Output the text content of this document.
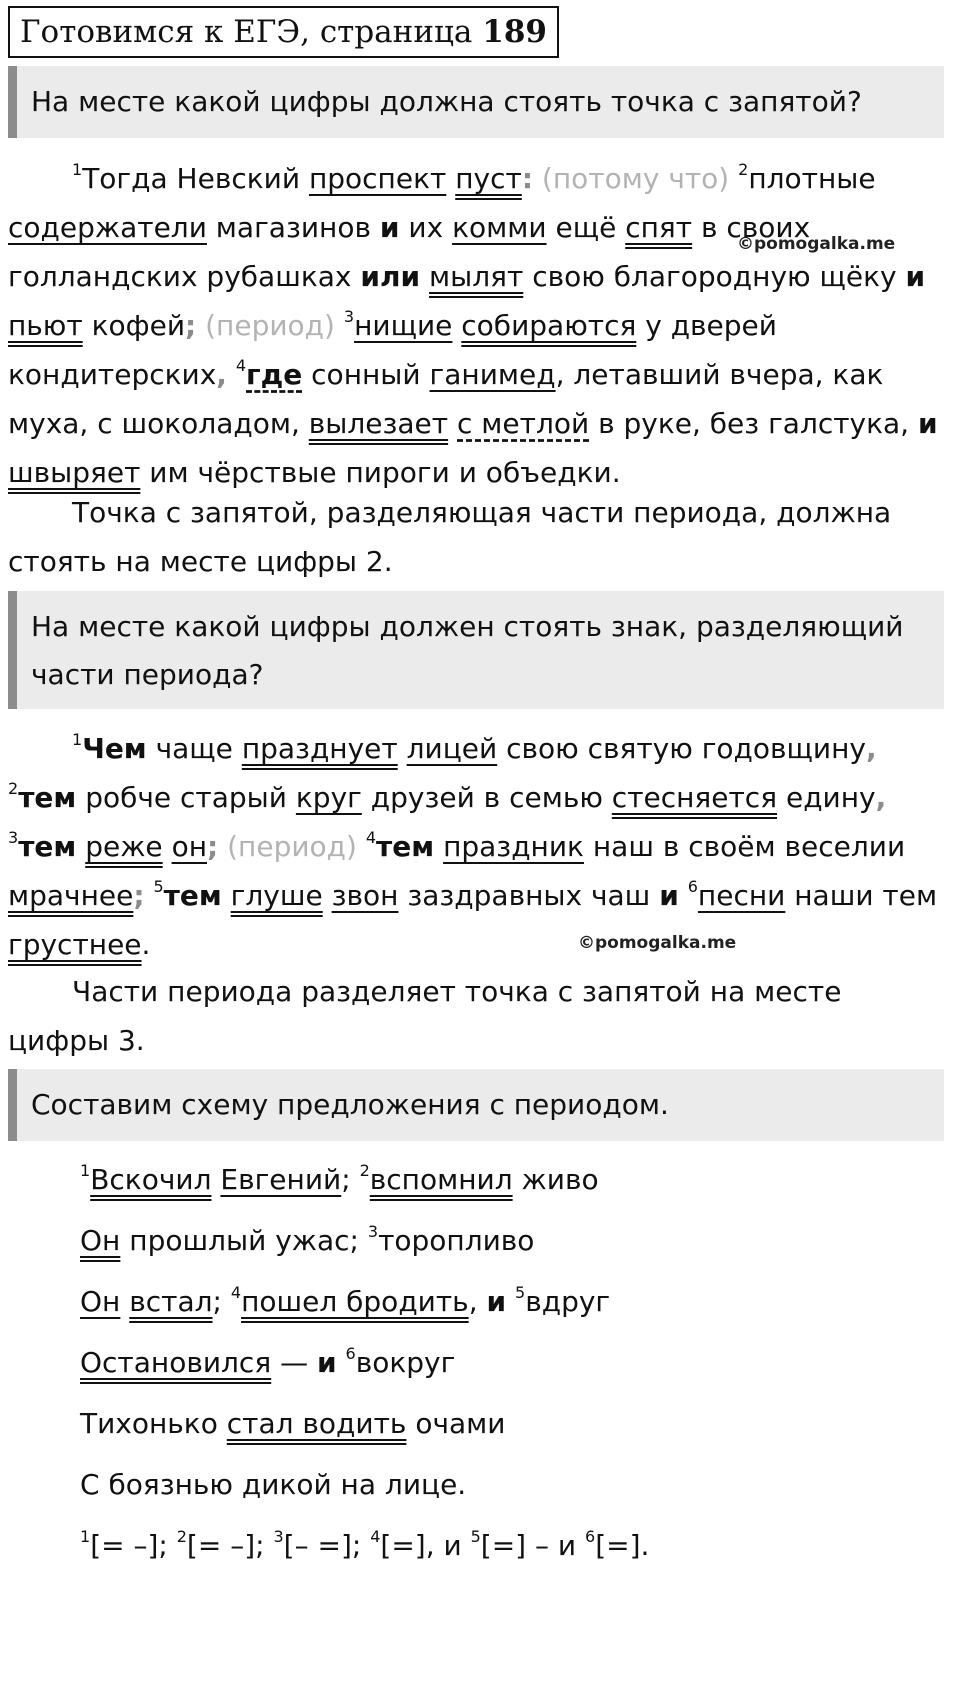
Готовимся к ЕГЭ, страница 189
На месте какой цифры должна стоять точка с запятой?
$^1$Тогда Невский проспект пуст: (потому что) $^2$плотные содержатели магазинов и их комми ещё спят в своих голландских рубашках или мылят свою благородную щёку и пьют кофей; (период) $^3$нищие собираются у дверей кондитерских, $^4$где сонный ганимед, летавший вчера, как муха, с шоколадом, вылезает с метлой в руке, без галстука, и швыряет им чёрствые пироги и объедки.
©pomogalka.me
Точка с запятой, разделяющая части периода, должна стоять на месте цифры 2.
На месте какой цифры должен стоять знак, разделяющий части периода?
$^1$Чем чаще празднует лицей свою святую годовщину, $^2$тем робче старый круг друзей в семью стесняется едину, $^3$тем реже он; (период) $^4$тем праздник наш в своём веселии мрачнее; $^5$тем глуше звон заздравных чаш и $^6$песни наши тем грустнее.	©pomogalka.me
Части периода разделяет точка с запятой на месте цифры 3.
Составим схему предложения с периодом.
$^1$Вскочил Евгений; $^2$вспомнил живо
Он прошлый ужас; $^3$торопливо
Он встал; $^4$пошел бродить, и $^5$вдруг
Остановился — и $^6$вокруг
Тихонько стал водить очами
С боязнью дикой на лице.
$^1$[= –]; $^2$[= –]; $^3$[– =]; $^4$[=], и $^5$[=] – и $^6$[=].
